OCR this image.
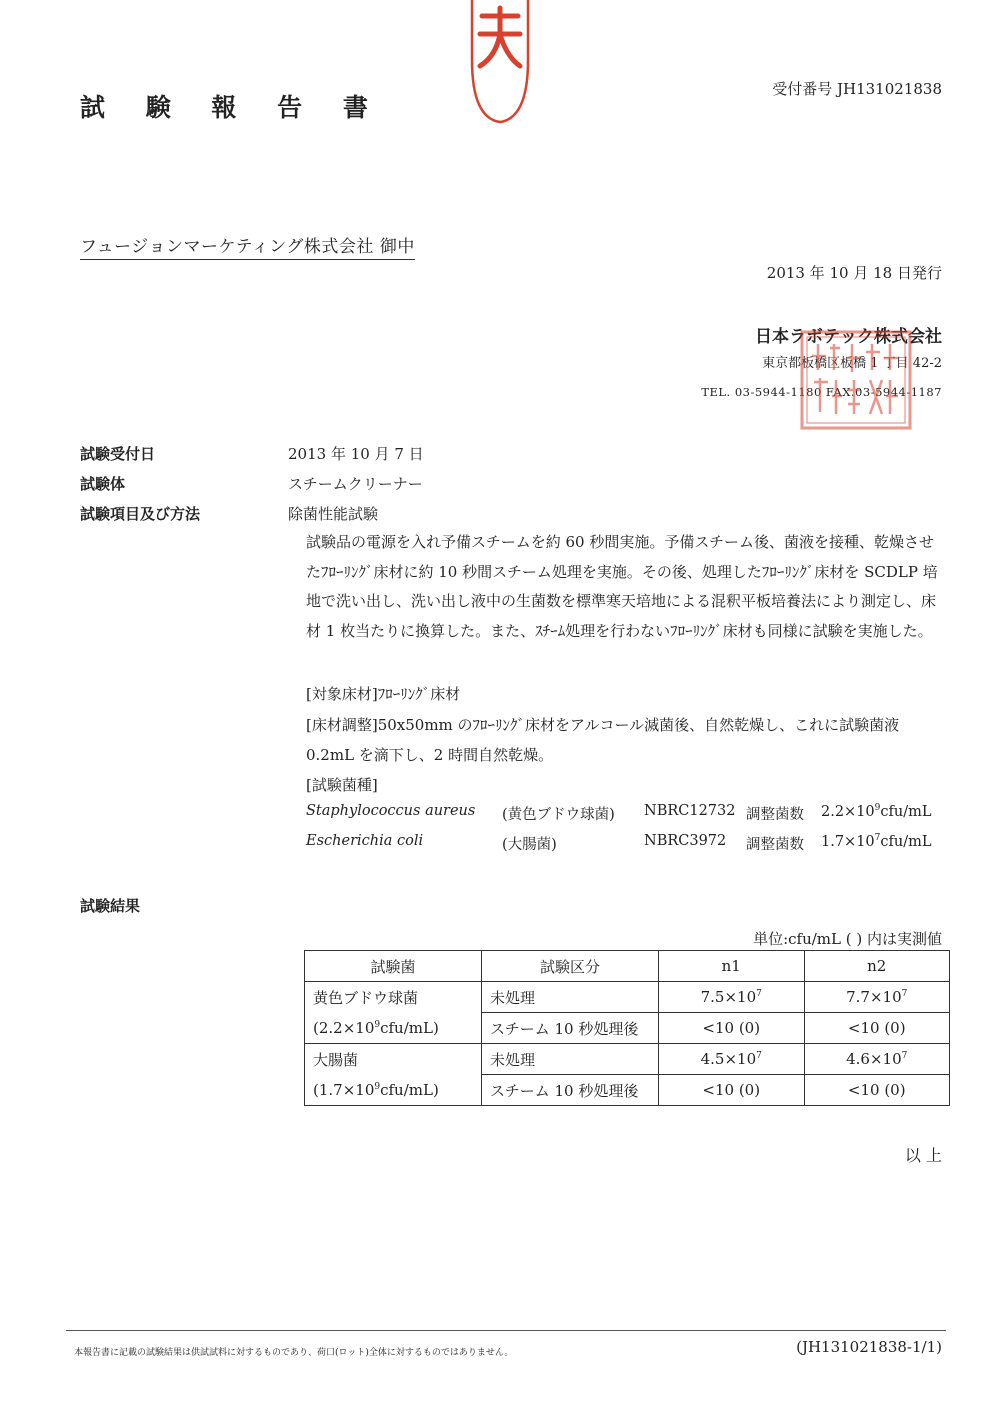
試 験 報 告 書
受付番号 JH131021838
フュージョンマーケティング株式会社 御中
2013 年 10 月 18 日発行
日本ラボテック株式会社
東京都板橋区板橋 1 丁目 42-2
TEL. 03-5944-1180 FAX.03-5944-1187
試験受付日	2013 年 10 月 7 日
試験体	スチームクリーナー
試験項目及び方法	除菌性能試験
試験品の電源を入れ予備スチームを約 60 秒間実施。予備スチーム後、菌液を接種、乾燥させたﾌﾛｰﾘﾝｸﾞ床材に約 10 秒間スチーム処理を実施。その後、処理したﾌﾛｰﾘﾝｸﾞ床材を SCDLP 培地で洗い出し、洗い出し液中の生菌数を標準寒天培地による混釈平板培養法により測定し、床材 1 枚当たりに換算した。また、ｽﾁｰﾑ処理を行わないﾌﾛｰﾘﾝｸﾞ床材も同様に試験を実施した。
[対象床材]ﾌﾛｰﾘﾝｸﾞ床材
[床材調整]50x50mm のﾌﾛｰﾘﾝｸﾞ床材をアルコール滅菌後、自然乾燥し、これに試験菌液 0.2mL を滴下し、2 時間自然乾燥。
[試験菌種]
Staphylococcus aureus (黄色ブドウ球菌) NBRC12732 調整菌数 $2.2\times 10^9cfu/mL$
Escherichia coli	(大腸菌)	NBRC3972 調整菌数 $1.7\times 10^7cfu/mL$
試験結果
単位:cfu/mL ( ) 内は実測値
試験菌	試験区分	n1	n2
黄色ブドウ球菌	未処理	$7.5\times 10^7$	$7.7\times 10^7$
$(2.2\times 10^9cfu/mL)$	スチーム 10 秒処理後	<10 (0)	<10 (0)
大腸菌	未処理	$4.5\times 10^7$	$4.6\times 10^7$
$(1.7\times 10^9cfu/mL)$	スチーム 10 秒処理後	<10 (0)	<10 (0)
以 上
本報告書に記載の試験結果は供試試料に対するものであり、荷口(ロット)全体に対するものではありません。	(JH131021838-1/1)
